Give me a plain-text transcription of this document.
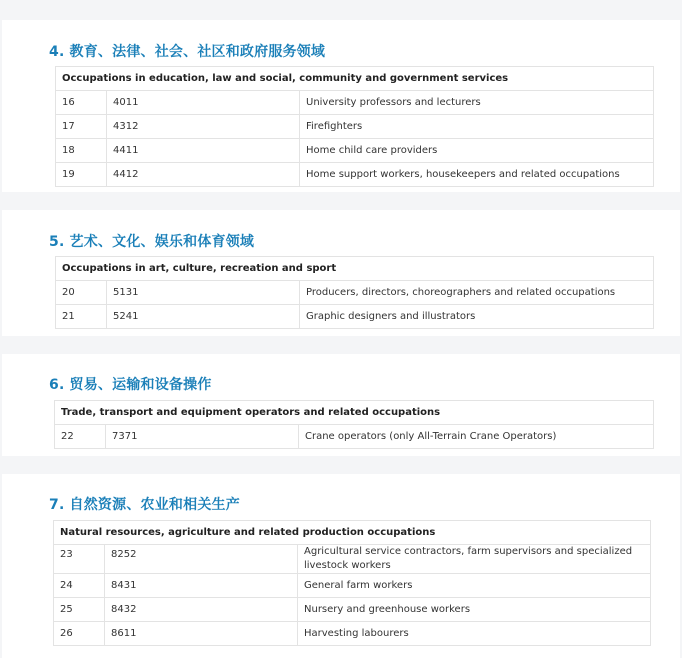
4. 教育、法律、社会、社区和政府服务领域
Occupations in education, law and social, community and government services		
16	4011	University professors and lecturers
17	4312	Firefighters
18	4411	Home child care providers
19	4412	Home support workers, housekeepers and related occupations
5. 艺术、文化、娱乐和体育领域
Occupations in art, culture, recreation and sport		
20	5131	Producers, directors, choreographers and related occupations
21	5241	Graphic designers and illustrators
6. 贸易、运输和设备操作
Trade, transport and equipment operators and related occupations
22	7371	Crane operators (only All-Terrain Crane Operators)
7. 自然资源、农业和相关生产
Natural resources, agriculture and related production occupations		
23	8252	Agricultural service contractors, farm supervisors and specialized livestock workers
24	8431	General farm workers
25	8432	Nursery and greenhouse workers
26	8611	Harvesting labourers
